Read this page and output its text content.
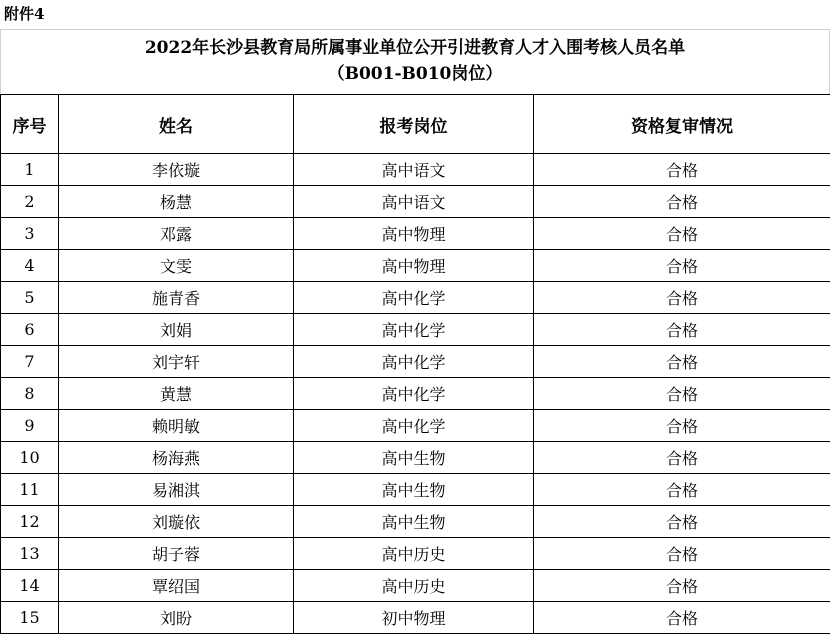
附件4
2022年长沙县教育局所属事业单位公开引进教育人才入围考核人员名单
（B001-B010岗位）
序号	姓名	报考岗位	资格复审情况
1	李依璇	高中语文	合格
2	杨慧	高中语文	合格
3	邓露	高中物理	合格
4	文雯	高中物理	合格
5	施青香	高中化学	合格
6	刘娟	高中化学	合格
7	刘宇轩	高中化学	合格
8	黄慧	高中化学	合格
9	赖明敏	高中化学	合格
10	杨海燕	高中生物	合格
11	易湘淇	高中生物	合格
12	刘璇依	高中生物	合格
13	胡子蓉	高中历史	合格
14	覃绍国	高中历史	合格
15	刘盼	初中物理	合格
